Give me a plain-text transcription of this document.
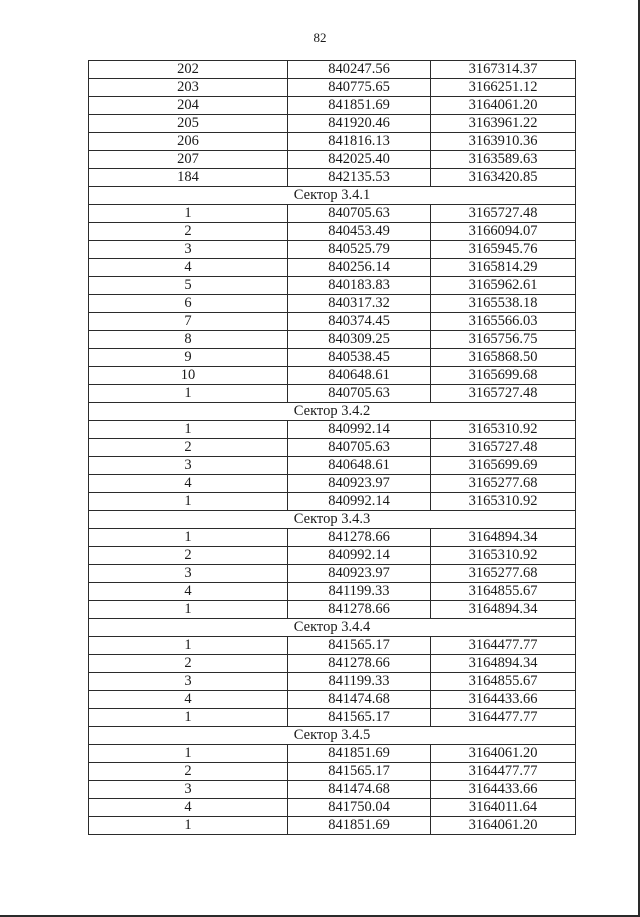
82
202	840247.56	3167314.37
203	840775.65	3166251.12
204	841851.69	3164061.20
205	841920.46	3163961.22
206	841816.13	3163910.36
207	842025.40	3163589.63
184	842135.53	3163420.85
Сектор 3.4.1		
1	840705.63	3165727.48
2	840453.49	3166094.07
3	840525.79	3165945.76
4	840256.14	3165814.29
5	840183.83	3165962.61
6	840317.32	3165538.18
7	840374.45	3165566.03
8	840309.25	3165756.75
9	840538.45	3165868.50
10	840648.61	3165699.68
1	840705.63	3165727.48
Сектор 3.4.2		
1	840992.14	3165310.92
2	840705.63	3165727.48
3	840648.61	3165699.69
4	840923.97	3165277.68
1	840992.14	3165310.92
Сектор 3.4.3		
1	841278.66	3164894.34
2	840992.14	3165310.92
3	840923.97	3165277.68
4	841199.33	3164855.67
1	841278.66	3164894.34
Сектор 3.4.4		
1	841565.17	3164477.77
2	841278.66	3164894.34
3	841199.33	3164855.67
4	841474.68	3164433.66
1	841565.17	3164477.77
Сектор 3.4.5		
1	841851.69	3164061.20
2	841565.17	3164477.77
3	841474.68	3164433.66
4	841750.04	3164011.64
1	841851.69	3164061.20
